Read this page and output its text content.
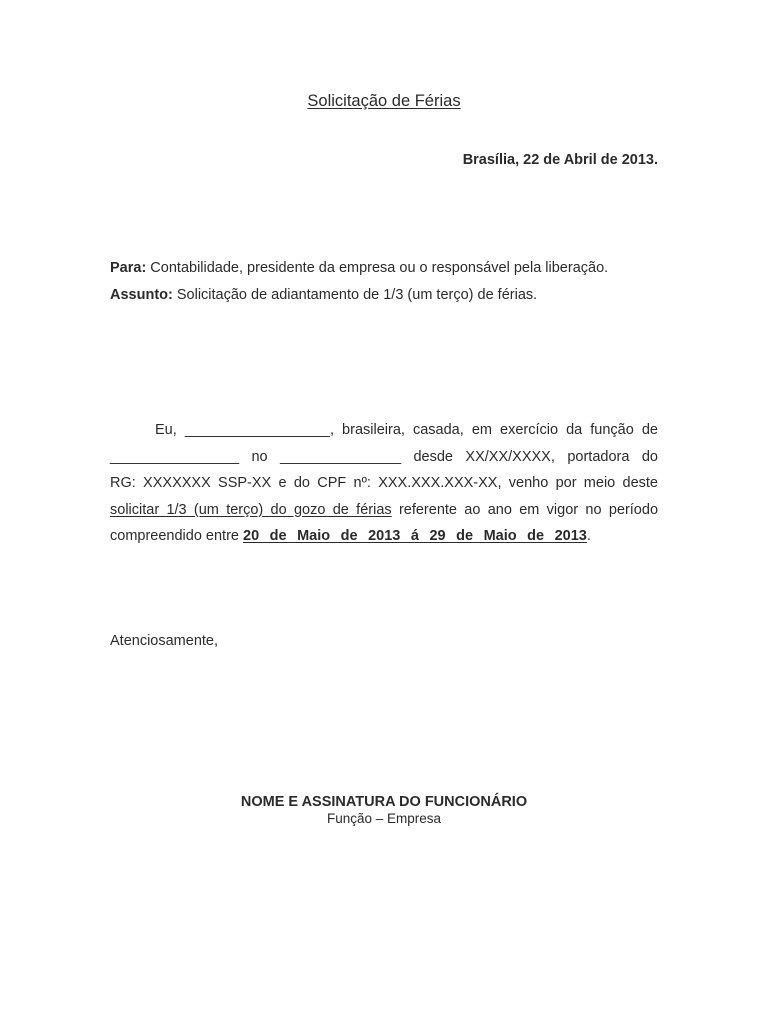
Solicitação de Férias
Brasília, 22 de Abril de 2013.
Para: Contabilidade, presidente da empresa ou o responsável pela liberação.
Assunto: Solicitação de adiantamento de 1/3 (um terço) de férias.
Eu, __________________, brasileira, casada, em exercício da função de
________________ no _______________ desde XX/XX/XXXX, portadora do
RG: XXXXXXX SSP-XX e do CPF nº: XXX.XXX.XXX-XX, venho por meio deste
solicitar 1/3 (um terço) do gozo de férias referente ao ano em vigor no período
compreendido entre 20 de Maio de 2013 á 29 de Maio de 2013.
Atenciosamente,
NOME E ASSINATURA DO FUNCIONÁRIO
Função – Empresa
